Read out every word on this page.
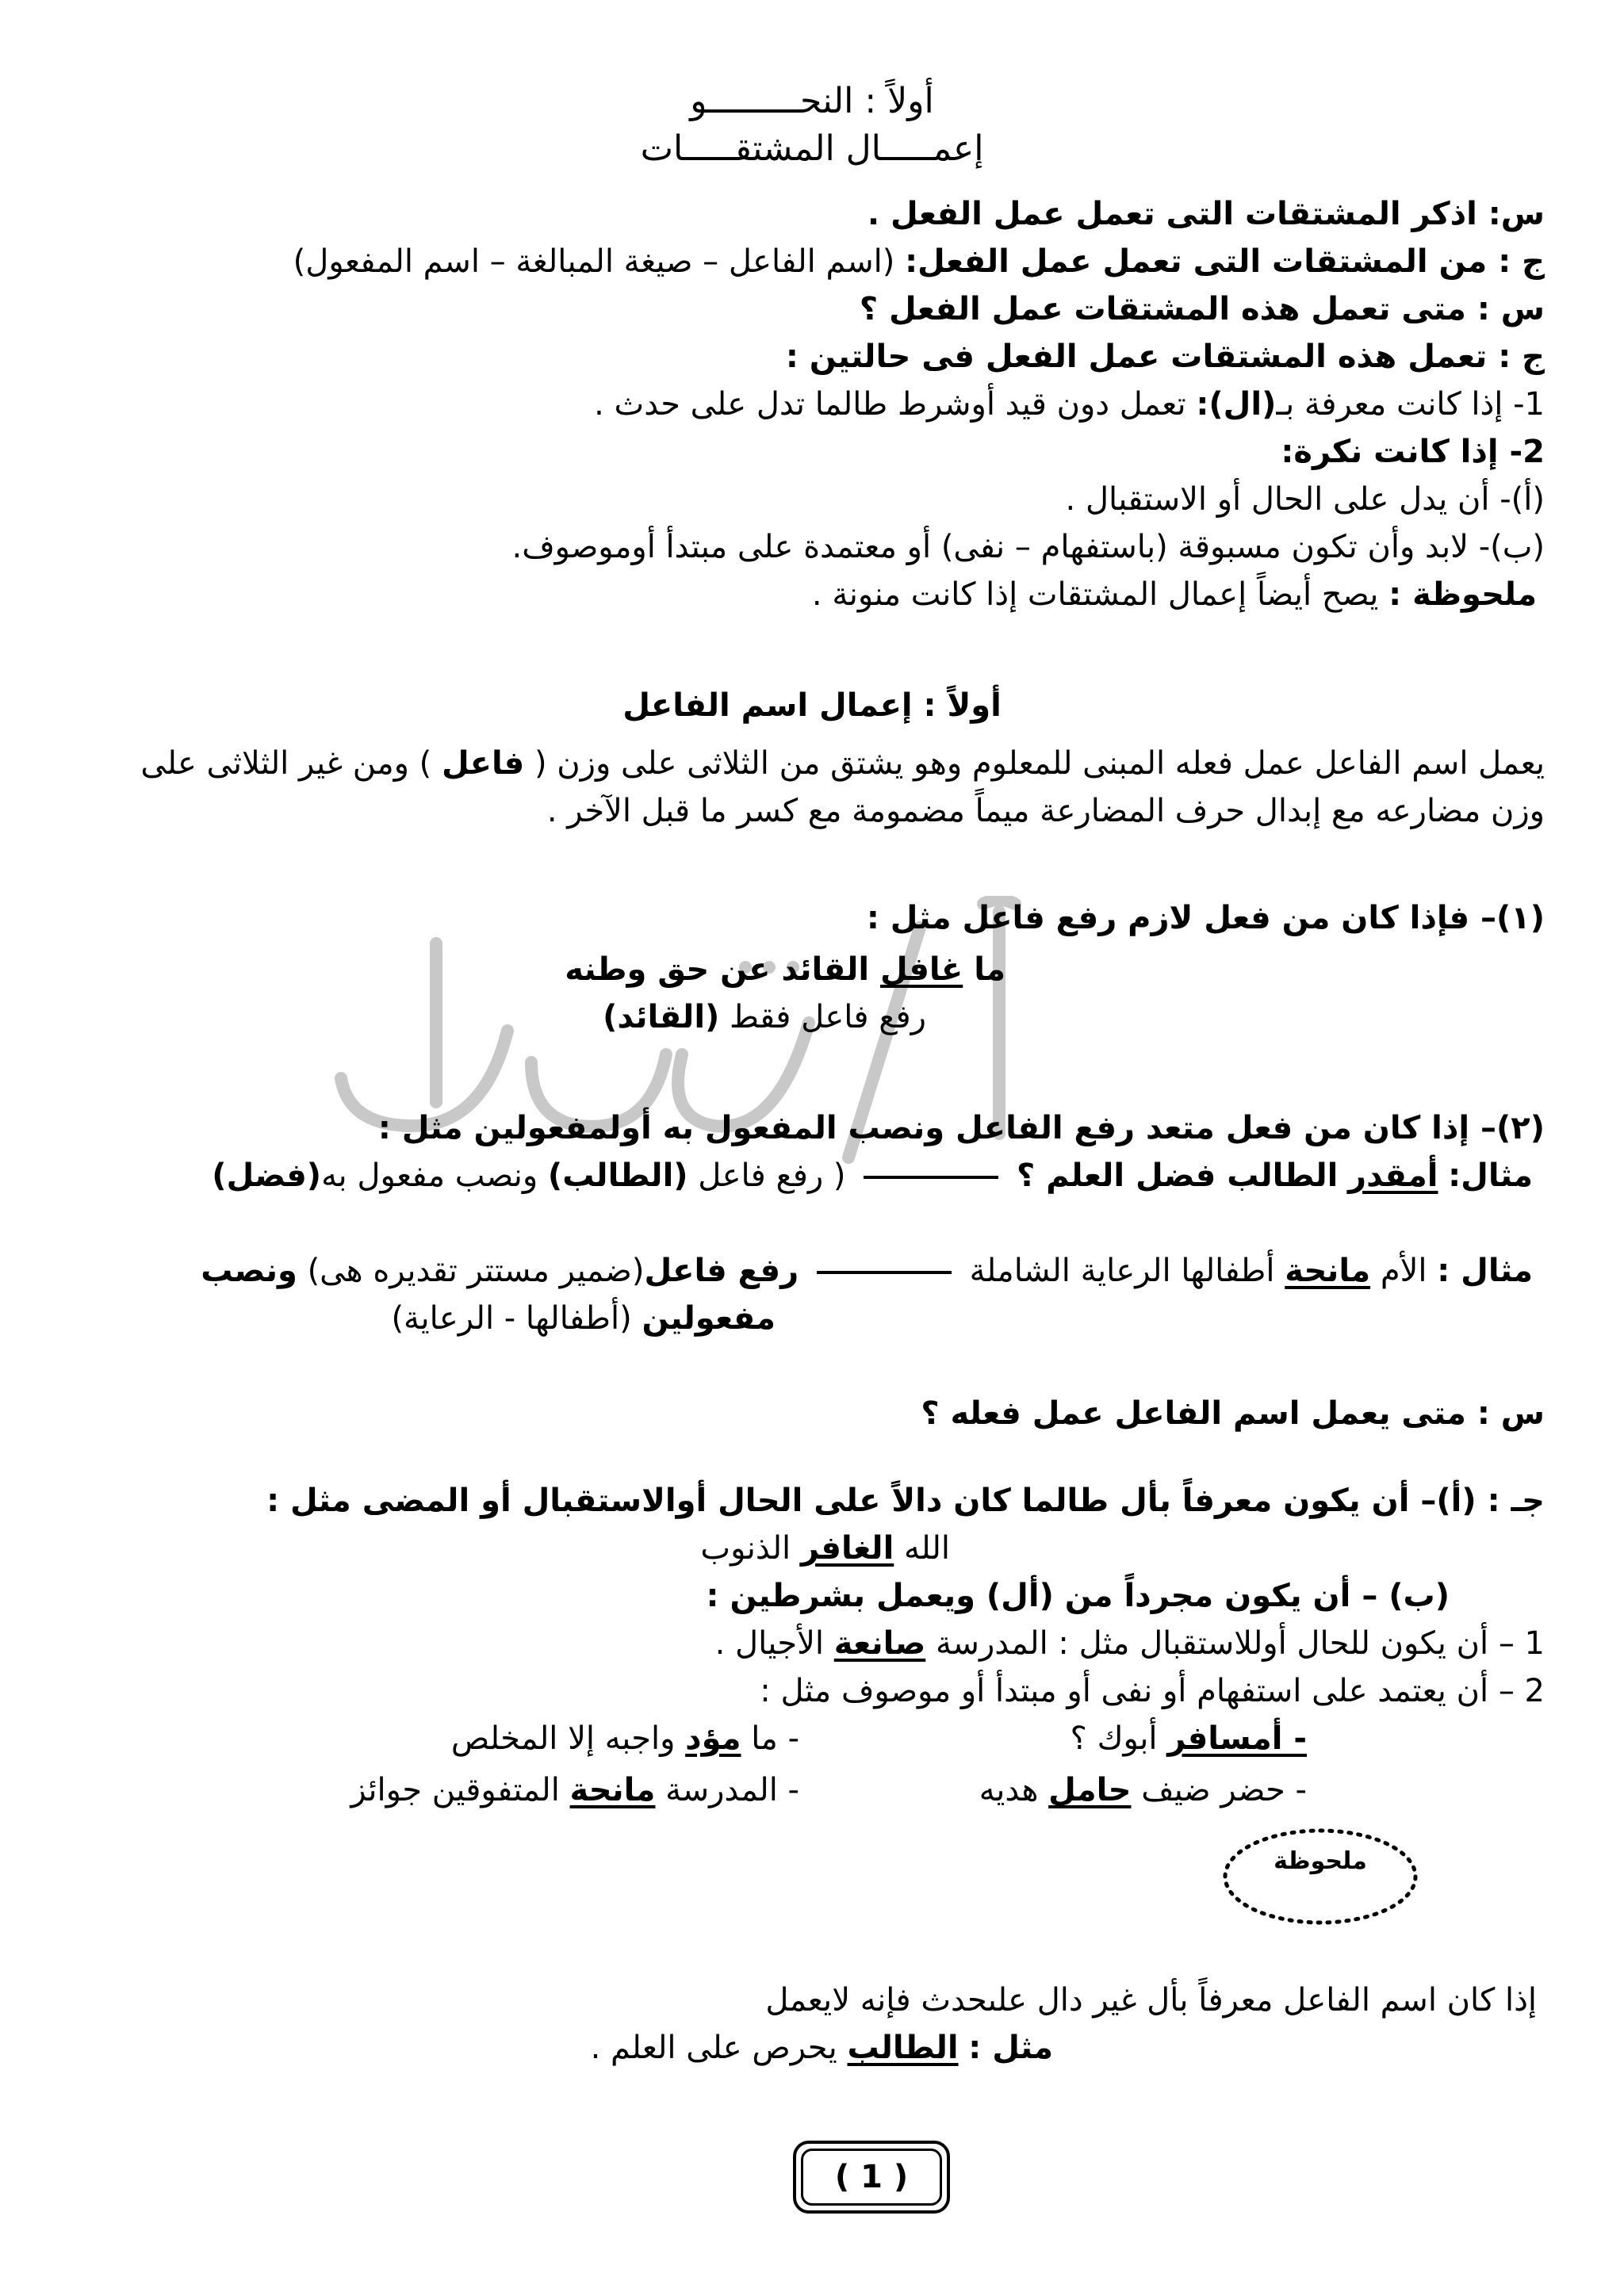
أولاً : النحـــــــــو
إعمـــــال المشتقـــــات
س: اذكر المشتقات التى تعمل عمل الفعل .
ج : من المشتقات التى تعمل عمل الفعل: (اسم الفاعل – صيغة المبالغة – اسم المفعول)
س : متى تعمل هذه المشتقات عمل الفعل ؟
ج : تعمل هذه المشتقات عمل الفعل فى حالتين :
1- إذا كانت معرفة بـ(ال): تعمل دون قيد أوشرط طالما تدل على حدث .
2- إذا كانت نكرة:
(أ)- أن يدل على الحال أو الاستقبال .
(ب)- لابد وأن تكون مسبوقة (باستفهام – نفى) أو معتمدة على مبتدأ أوموصوف.
ملحوظة : يصح أيضاً إعمال المشتقات إذا كانت منونة .
أولاً : إعمال اسم الفاعل
يعمل اسم الفاعل عمل فعله المبنى للمعلوم وهو يشتق من الثلاثى على وزن ( فاعل ) ومن غير الثلاثى على
وزن مضارعه مع إبدال حرف المضارعة ميماً مضمومة مع كسر ما قبل الآخر .
(١)– فإذا كان من فعل لازم رفع فاعل مثل :
ما غافل القائد عن حق وطنه
رفع فاعل فقط (القائد)
(٢)– إذا كان من فعل متعد رفع الفاعل ونصب المفعول به أولمفعولين مثل :
مثال: أمقدر الطالب فضل العلم ؟  ( رفع فاعل (الطالب) ونصب مفعول به(فضل)
مثال : الأم مانحة أطفالها الرعاية الشاملة  رفع فاعل(ضمير مستتر تقديره هى) ونصب
مفعولين (أطفالها - الرعاية)
س : متى يعمل اسم الفاعل عمل فعله ؟
جـ : (أ)– أن يكون معرفاً بأل طالما كان دالاً على الحال أوالاستقبال أو المضى مثل :
الله الغافر الذنوب
(ب) – أن يكون مجرداً من (أل) ويعمل بشرطين :
1 – أن يكون للحال أوللاستقبال مثل : المدرسة صانعة الأجيال .
2 – أن يعتمد على استفهام أو نفى أو مبتدأ أو موصوف مثل :
- أمسافر أبوك ؟
- ما مؤد واجبه إلا المخلص
- حضر ضيف حامل هديه
- المدرسة مانحة المتفوقين جوائز
ملحوظة
إذا كان اسم الفاعل معرفاً بأل غير دال علىحدث فإنه لايعمل
مثل : الطالب يحرص على العلم .
( 1 )
